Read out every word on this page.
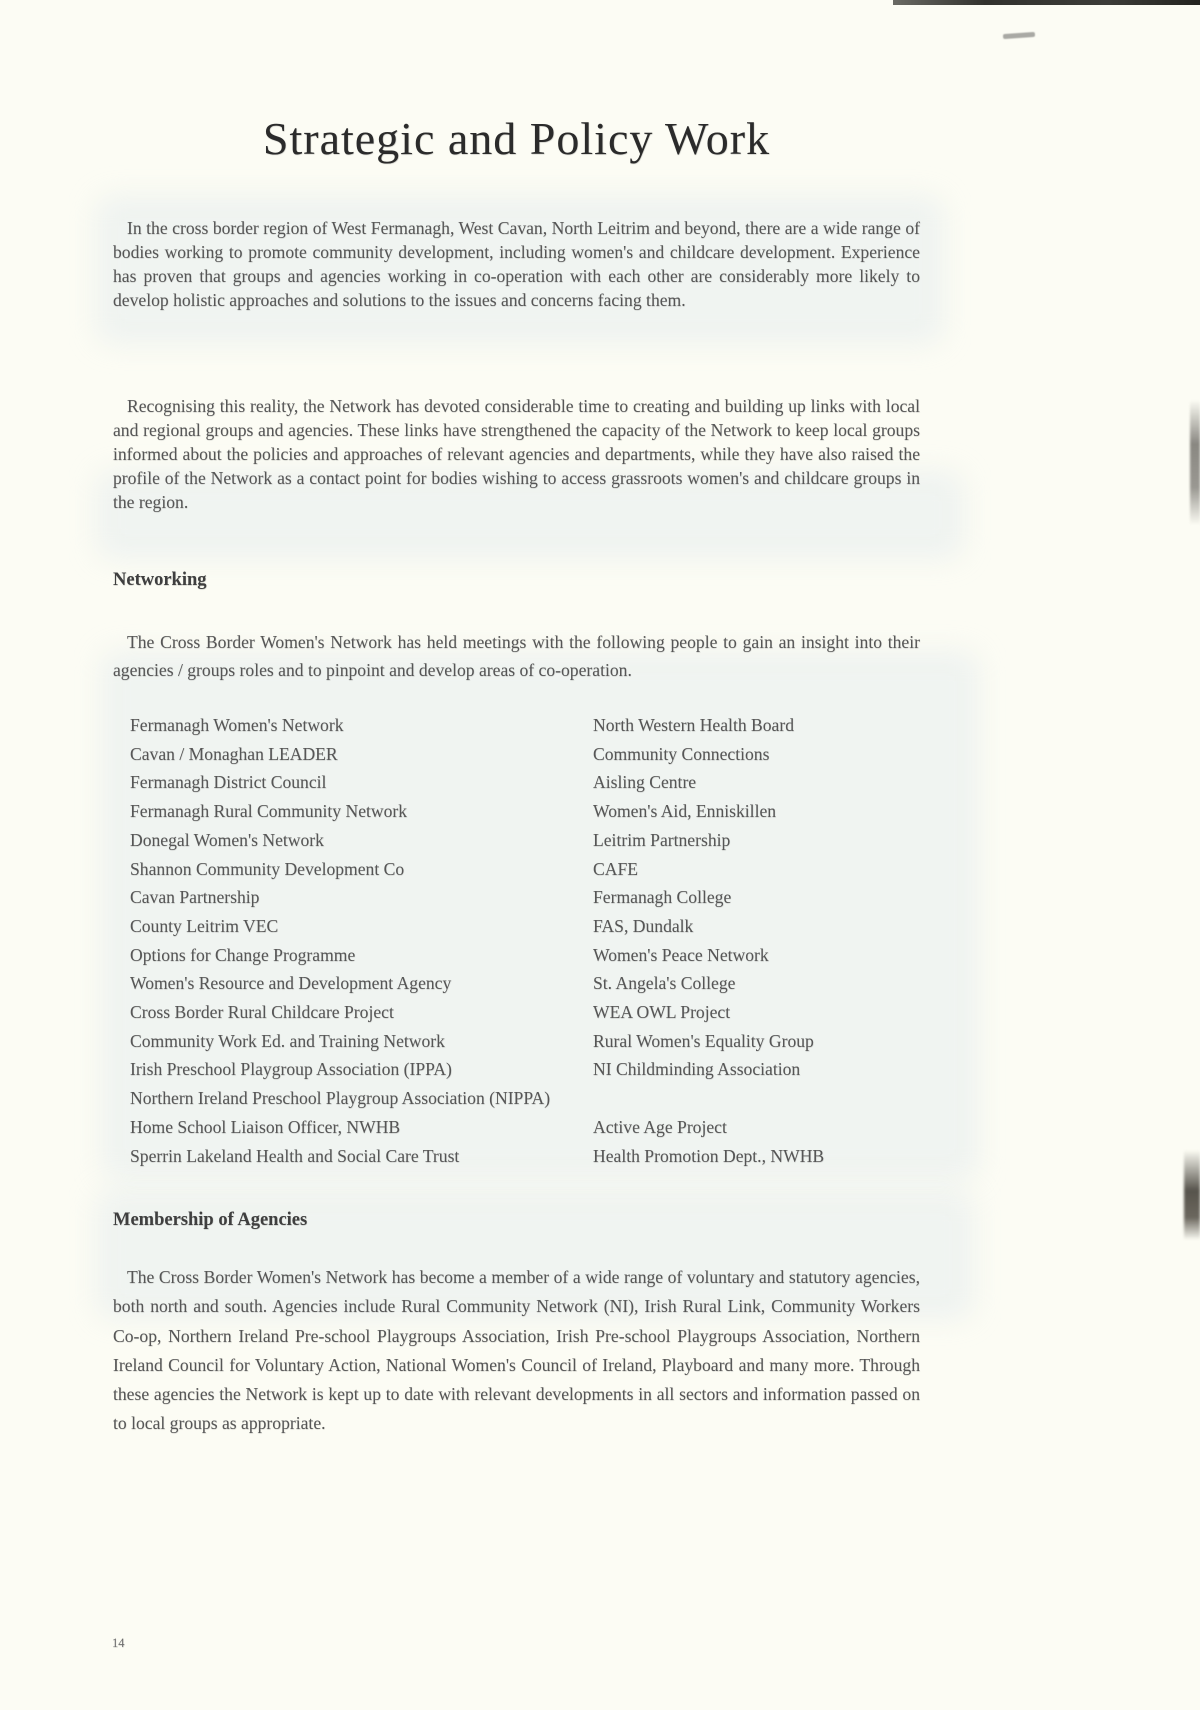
Strategic and Policy Work
In the cross border region of West Fermanagh, West Cavan, North Leitrim and beyond, there are a wide range of bodies working to promote community development, including women's and childcare development. Experience has proven that groups and agencies working in co-operation with each other are considerably more likely to develop holistic approaches and solutions to the issues and concerns facing them.
Recognising this reality, the Network has devoted considerable time to creating and building up links with local and regional groups and agencies. These links have strengthened the capacity of the Network to keep local groups informed about the policies and approaches of relevant agencies and departments, while they have also raised the profile of the Network as a contact point for bodies wishing to access grassroots women's and childcare groups in the region.
Networking
The Cross Border Women's Network has held meetings with the following people to gain an insight into their agencies / groups roles and to pinpoint and develop areas of co-operation.
Fermanagh Women's Network	North Western Health Board
Cavan / Monaghan LEADER	Community Connections
Fermanagh District Council	Aisling Centre
Fermanagh Rural Community Network	Women's Aid, Enniskillen
Donegal Women's Network	Leitrim Partnership
Shannon Community Development Co	CAFE
Cavan Partnership	Fermanagh College
County Leitrim VEC	FAS, Dundalk
Options for Change Programme	Women's Peace Network
Women's Resource and Development Agency	St. Angela's College
Cross Border Rural Childcare Project	WEA OWL Project
Community Work Ed. and Training Network	Rural Women's Equality Group
Irish Preschool Playgroup Association (IPPA)	NI Childminding Association
Northern Ireland Preschool Playgroup Association (NIPPA)
Home School Liaison Officer, NWHB	Active Age Project
Sperrin Lakeland Health and Social Care Trust	Health Promotion Dept., NWHB
Membership of Agencies
The Cross Border Women's Network has become a member of a wide range of voluntary and statutory agencies, both north and south. Agencies include Rural Community Network (NI), Irish Rural Link, Community Workers Co-op, Northern Ireland Pre-school Playgroups Association, Irish Pre-school Playgroups Association, Northern Ireland Council for Voluntary Action, National Women's Council of Ireland, Playboard and many more. Through these agencies the Network is kept up to date with relevant developments in all sectors and information passed on to local groups as appropriate.
14
